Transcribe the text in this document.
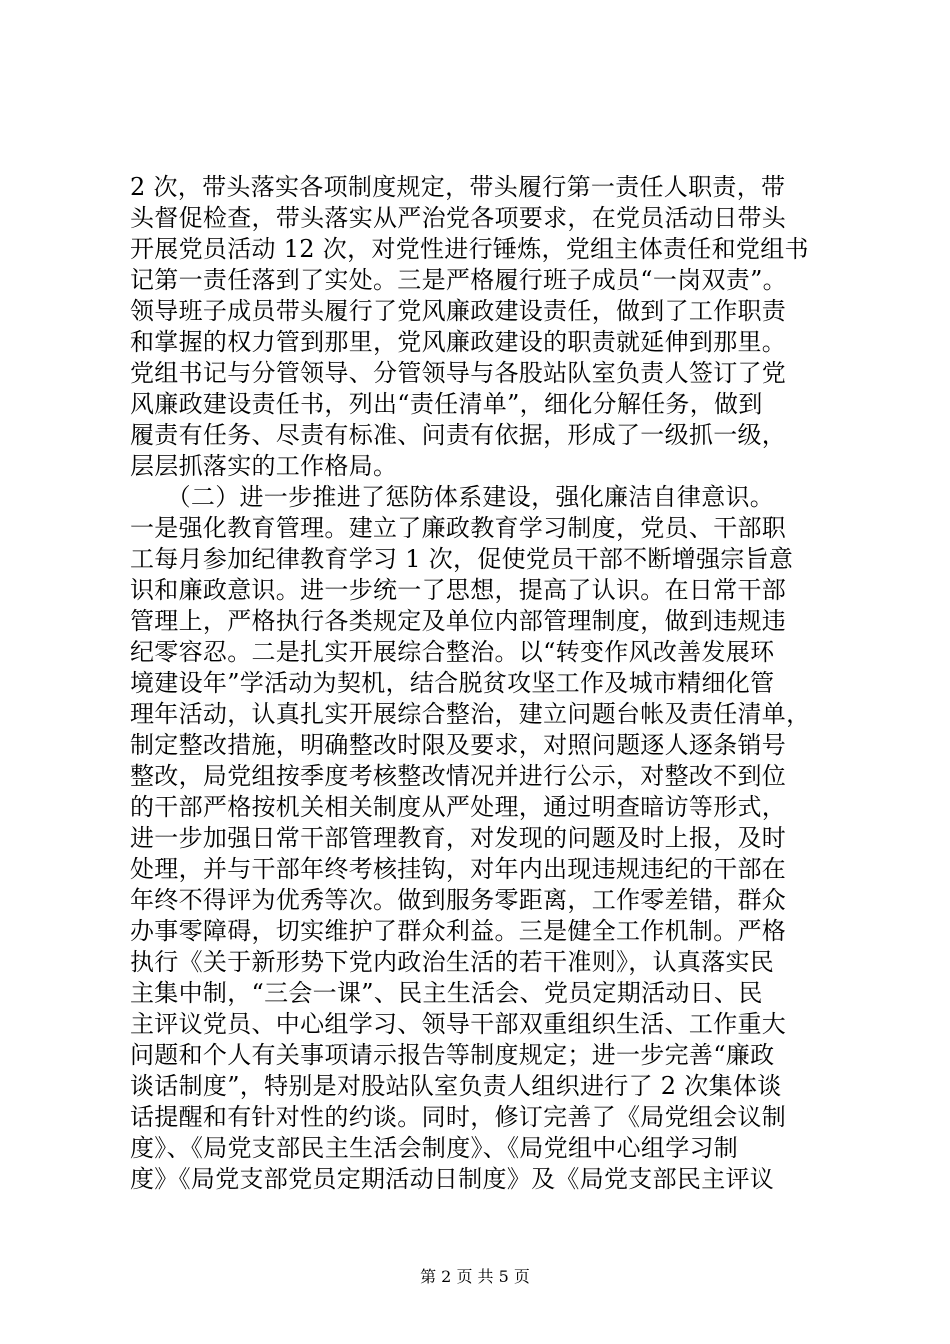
2 次，带头落实各项制度规定，带头履行第一责任人职责，带
头督促检查，带头落实从严治党各项要求，在党员活动日带头
开展党员活动 12 次，对党性进行锤炼，党组主体责任和党组书
记第一责任落到了实处。三是严格履行班子成员“一岗双责”。
领导班子成员带头履行了党风廉政建设责任，做到了工作职责
和掌握的权力管到那里，党风廉政建设的职责就延伸到那里。
党组书记与分管领导、分管领导与各股站队室负责人签订了党
风廉政建设责任书，列出“责任清单”，细化分解任务，做到
履责有任务、尽责有标准、问责有依据，形成了一级抓一级，
层层抓落实的工作格局。
　　（二）进一步推进了惩防体系建设，强化廉洁自律意识。
一是强化教育管理。建立了廉政教育学习制度，党员、干部职
工每月参加纪律教育学习 1 次，促使党员干部不断增强宗旨意
识和廉政意识。进一步统一了思想，提高了认识。在日常干部
管理上，严格执行各类规定及单位内部管理制度，做到违规违
纪零容忍。二是扎实开展综合整治。以“转变作风改善发展环
境建设年”学活动为契机，结合脱贫攻坚工作及城市精细化管
理年活动，认真扎实开展综合整治，建立问题台帐及责任清单，
制定整改措施，明确整改时限及要求，对照问题逐人逐条销号
整改，局党组按季度考核整改情况并进行公示，对整改不到位
的干部严格按机关相关制度从严处理，通过明查暗访等形式，
进一步加强日常干部管理教育，对发现的问题及时上报，及时
处理，并与干部年终考核挂钩，对年内出现违规违纪的干部在
年终不得评为优秀等次。做到服务零距离，工作零差错，群众
办事零障碍，切实维护了群众利益。三是健全工作机制。严格
执行《关于新形势下党内政治生活的若干准则》，认真落实民
主集中制，“三会一课”、民主生活会、党员定期活动日、民
主评议党员、中心组学习、领导干部双重组织生活、工作重大
问题和个人有关事项请示报告等制度规定；进一步完善“廉政
谈话制度”，特别是对股站队室负责人组织进行了 2 次集体谈
话提醒和有针对性的约谈。同时，修订完善了《局党组会议制
度》、《局党支部民主生活会制度》、《局党组中心组学习制
度》《局党支部党员定期活动日制度》及《局党支部民主评议
第 2 页 共 5 页
